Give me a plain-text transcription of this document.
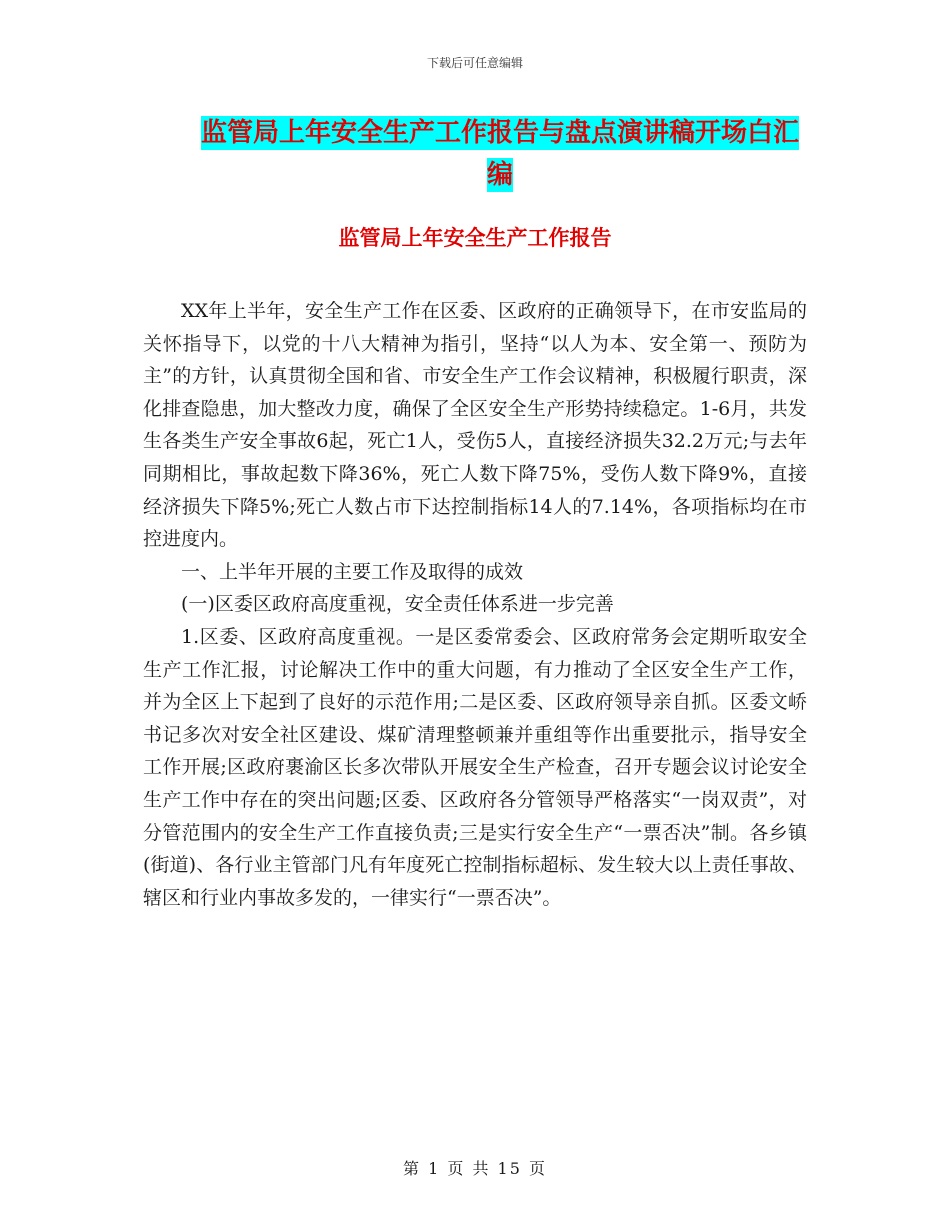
下载后可任意编辑
监管局上年安全生产工作报告与盘点演讲稿开场白汇
编
监管局上年安全生产工作报告

XX年上半年，安全生产工作在区委、区政府的正确领导下，在市安监局的关怀指导下，以党的十八大精神为指引，坚持“以人为本、安全第一、预防为主”的方针，认真贯彻全国和省、市安全生产工作会议精神，积极履行职责，深化排查隐患，加大整改力度，确保了全区安全生产形势持续稳定。1-6月，共发生各类生产安全事故6起，死亡1人，受伤5人，直接经济损失32.2万元;与去年同期相比，事故起数下降36%，死亡人数下降75%，受伤人数下降9%，直接经济损失下降5%;死亡人数占市下达控制指标14人的7.14%，各项指标均在市控进度内。

一、上半年开展的主要工作及取得的成效

(一)区委区政府高度重视，安全责任体系进一步完善

1.区委、区政府高度重视。一是区委常委会、区政府常务会定期听取安全生产工作汇报，讨论解决工作中的重大问题，有力推动了全区安全生产工作，并为全区上下起到了良好的示范作用;二是区委、区政府领导亲自抓。区委文峤书记多次对安全社区建设、煤矿清理整顿兼并重组等作出重要批示，指导安全工作开展;区政府裹渝区长多次带队开展安全生产检查，召开专题会议讨论安全生产工作中存在的突出问题;区委、区政府各分管领导严格落实“一岗双责”，对分管范围内的安全生产工作直接负责;三是实行安全生产“一票否决”制。各乡镇(街道)、各行业主管部门凡有年度死亡控制指标超标、发生较大以上责任事故、辖区和行业内事故多发的，一律实行“一票否决”。

第 1 页 共 15 页
